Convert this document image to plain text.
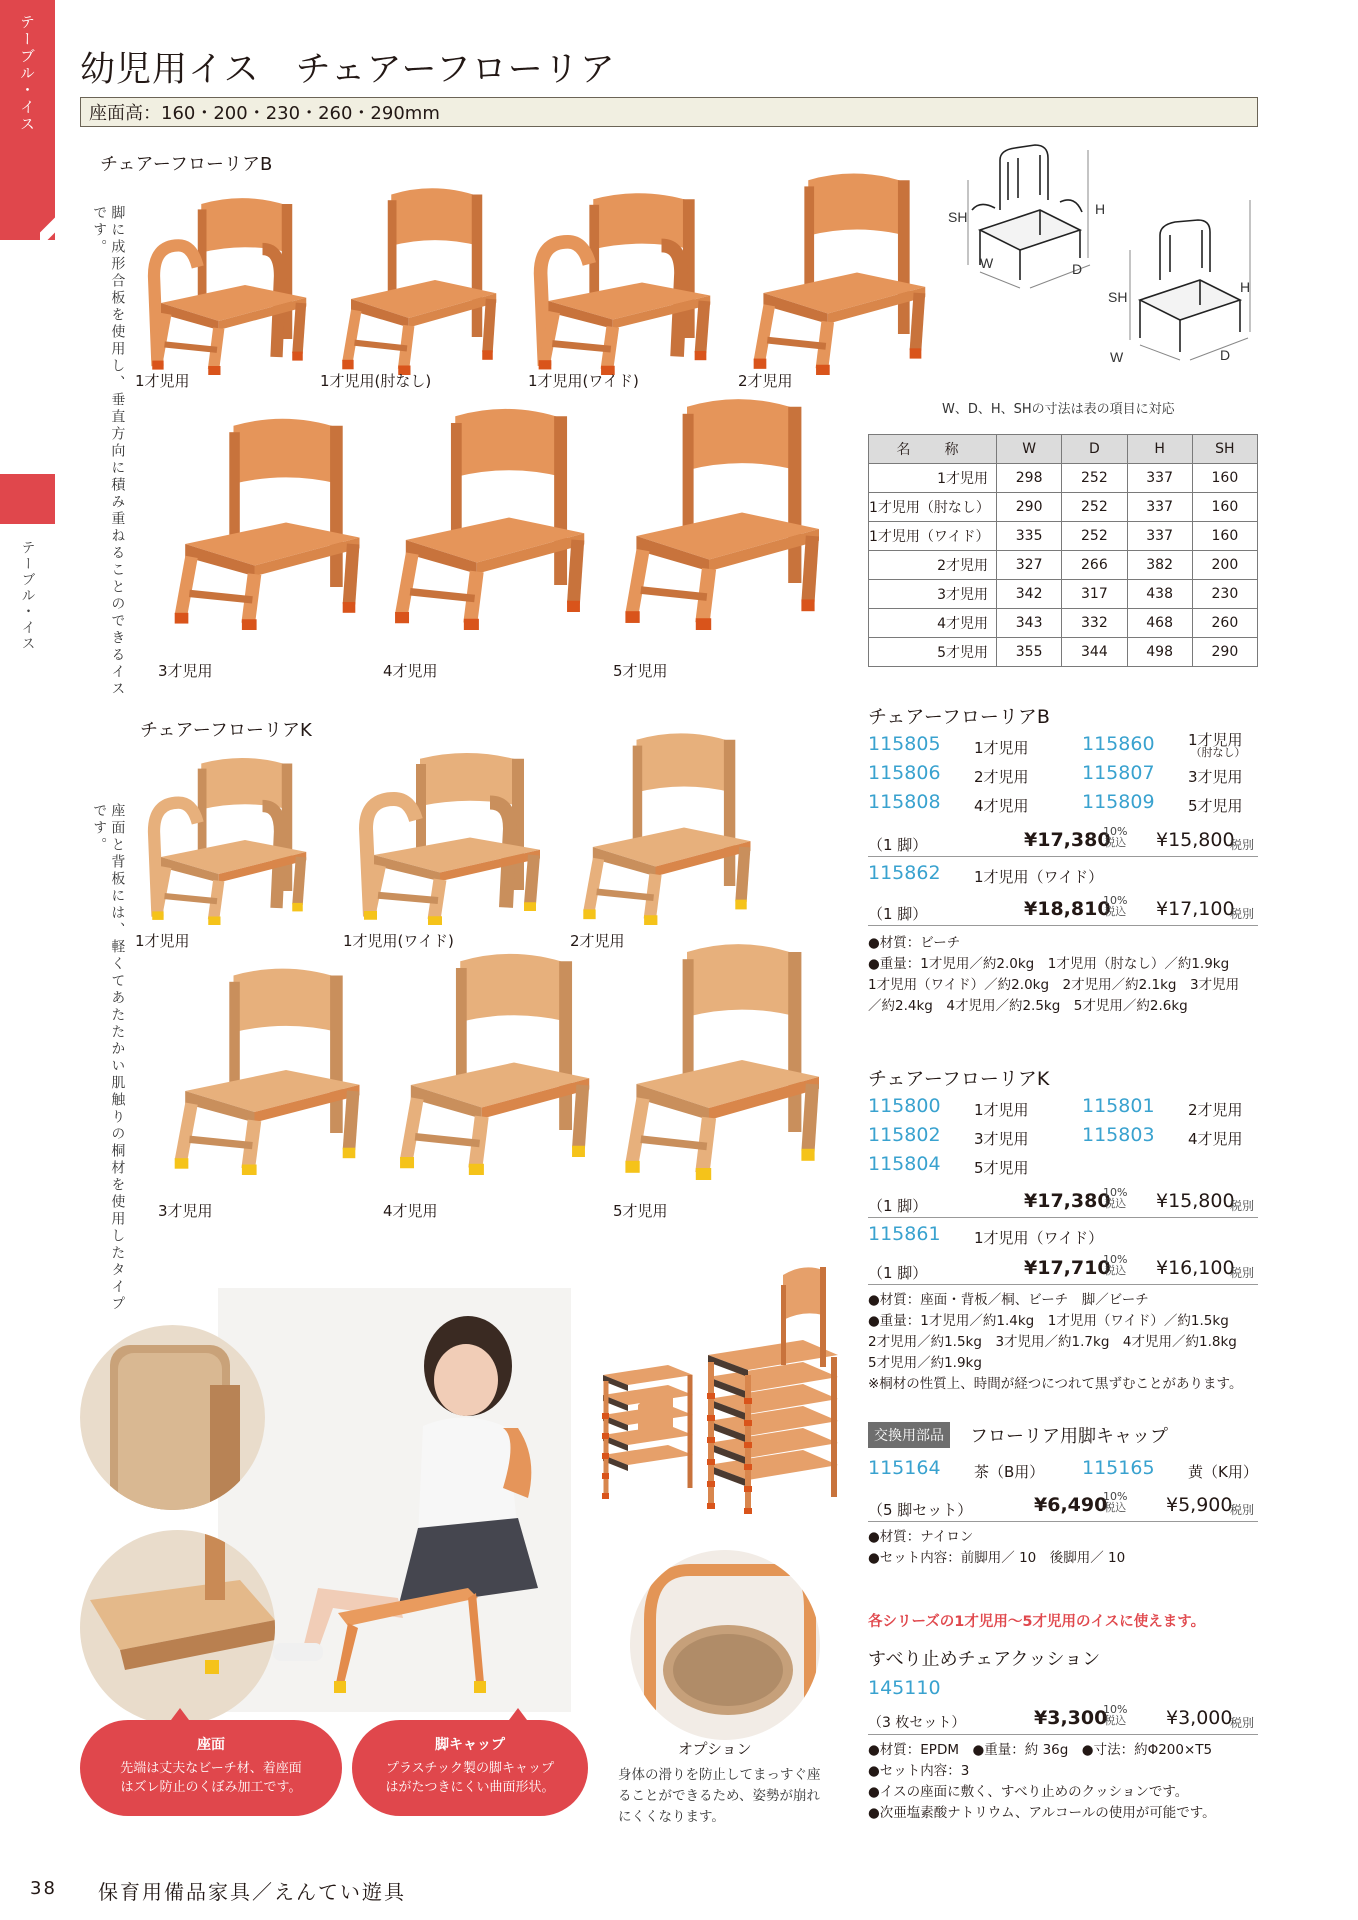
テーブル・イス
テーブル・イス
幼児用イス　チェアーフローリア
座面高：160・200・230・260・290mm
チェアーフローリアB
脚に成形合板を使用し、垂直方向に積み重ねることのできるイスです。
1才児用	1才児用(肘なし)	1才児用(ワイド)	2才児用
3才児用	4才児用	5才児用
チェアーフローリアK
座面と背板には、軽くてあたたかい肌触りの桐材を使用したタイプです。
1才児用	1才児用(ワイド)	2才児用
3才児用	4才児用	5才児用
SH	H
W	D
SH
H
W	D
W、D、H、SHの寸法は表の項目に対応
名　称	W	D	H	SH
1才児用	298	252	337	160
1才児用（肘なし）	290	252	337	160
1才児用（ワイド）	335	252	337	160
2才児用	327	266	382	200
3才児用	342	317	438	230
4才児用	343	332	468	260
5才児用	355	344	498	290
チェアーフローリアB
115805 1才児用	115860 1才児用
（肘なし）
115806 2才児用	115807 3才児用
115808 4才児用	115809 5才児用
（1 脚）	¥17,380
10%
税込 ¥15,800
税別
115862 1才児用（ワイド）
（1 脚）	¥18,810
10%
税込 ¥17,100
税別
●材質：ビーチ
●重量：1才児用／約2.0kg　1才児用（肘なし）／約1.9kg
1才児用（ワイド）／約2.0kg　2才児用／約2.1kg　3才児用
／約2.4kg　4才児用／約2.5kg　5才児用／約2.6kg
チェアーフローリアK
115800 1才児用	115801 2才児用
115802 3才児用	115803 4才児用
115804 5才児用
（1 脚）	¥17,380
10%
税込 ¥15,800
税別
115861 1才児用（ワイド）
（1 脚）	¥17,710
10%
税込 ¥16,100
税別
●材質：座面・背板／桐、ビーチ　脚／ビーチ
●重量：1才児用／約1.4kg　1才児用（ワイド）／約1.5kg
2才児用／約1.5kg　3才児用／約1.7kg　4才児用／約1.8kg
5才児用／約1.9kg
※桐材の性質上、時間が経つにつれて黒ずむことがあります。
交換用部品	フローリア用脚キャップ
115164 茶（B用） 115165 黄（K用）
（5 脚セット）	¥6,490
10%
税込 ¥5,900
税別
●材質：ナイロン
●セット内容：前脚用／ 10　後脚用／ 10
各シリーズの1才児用～5才児用のイスに使えます。
すべり止めチェアクッション
145110
（3 枚セット）	¥3,300
10%
税込 ¥3,000
税別
●材質：EPDM　●重量：約 36g　●寸法：約Φ200×T5
●セット内容：3
●イスの座面に敷く、すべり止めのクッションです。
●次亜塩素酸ナトリウム、アルコールの使用が可能です。
オプション
身体の滑りを防止してまっすぐ座ることができるため、姿勢が崩れにくくなります。
座面
先端は丈夫なビーチ材、着座面はズレ防止のくぼみ加工です。
脚キャップ
プラスチック製の脚キャップはがたつきにくい曲面形状。
38 保育用備品家具／えんてい遊具
